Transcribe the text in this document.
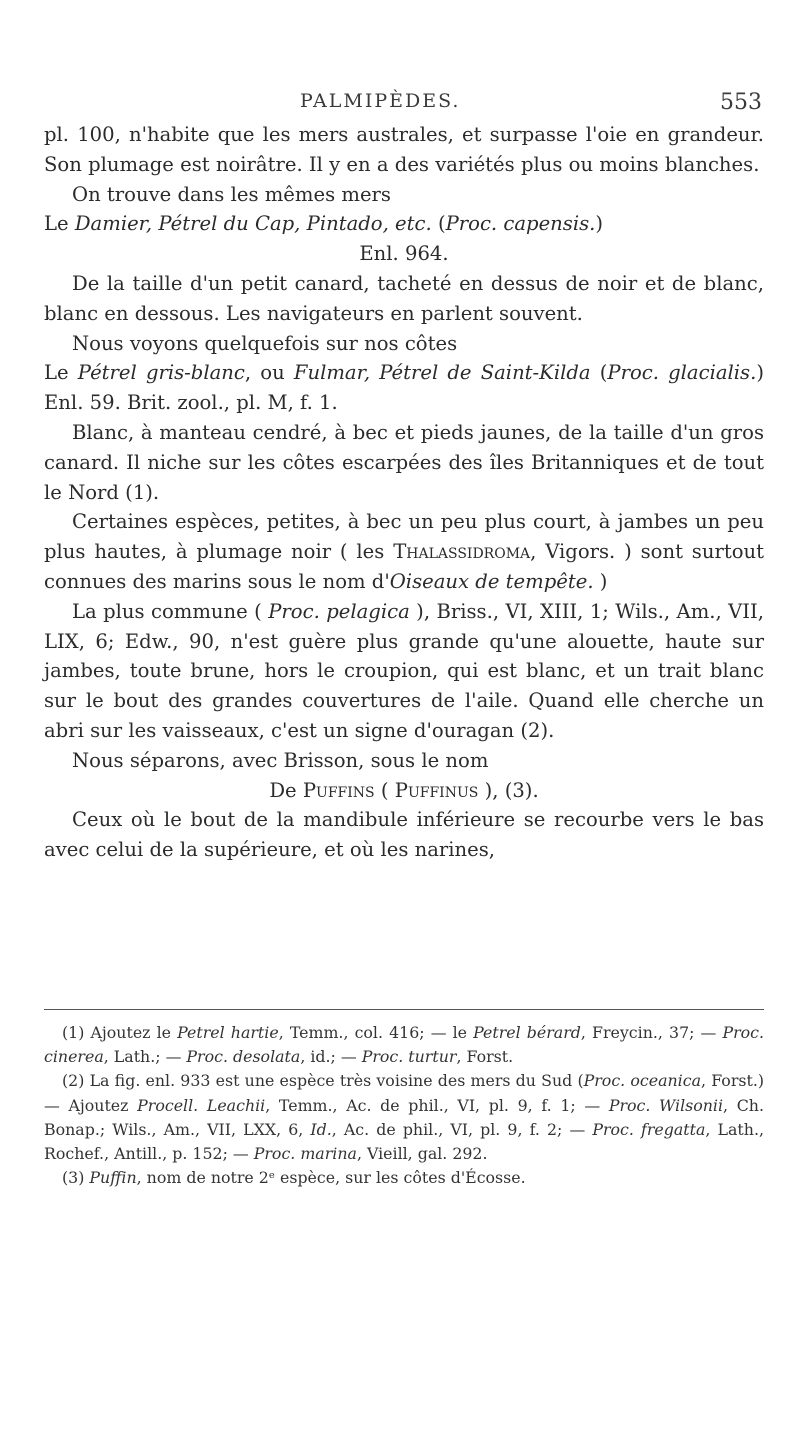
PALMIPÈDES.	553

pl. 100, n'habite que les mers australes, et surpasse l'oie en grandeur. Son plumage est noirâtre. Il y en a des variétés plus ou moins blanches.

On trouve dans les mêmes mers

Le Damier, Pétrel du Cap, Pintado, etc. (Proc. capensis.)

Enl. 964.

De la taille d'un petit canard, tacheté en dessus de noir et de blanc, blanc en dessous. Les navigateurs en parlent souvent.

Nous voyons quelquefois sur nos côtes

Le Pétrel gris-blanc, ou Fulmar, Pétrel de Saint-Kilda (Proc. glacialis.) Enl. 59. Brit. zool., pl. M, f. 1.

Blanc, à manteau cendré, à bec et pieds jaunes, de la taille d'un gros canard. Il niche sur les côtes escarpées des îles Britanniques et de tout le Nord (1).

Certaines espèces, petites, à bec un peu plus court, à jambes un peu plus hautes, à plumage noir ( les Thalassidroma, Vigors. ) sont surtout connues des marins sous le nom d'Oiseaux de tempête. )

La plus commune ( Proc. pelagica ), Briss., VI, XIII, 1; Wils., Am., VII, LIX, 6; Edw., 90, n'est guère plus grande qu'une alouette, haute sur jambes, toute brune, hors le croupion, qui est blanc, et un trait blanc sur le bout des grandes couvertures de l'aile. Quand elle cherche un abri sur les vaisseaux, c'est un signe d'ouragan (2).

Nous séparons, avec Brisson, sous le nom

De Puffins ( Puffinus ), (3).

Ceux où le bout de la mandibule inférieure se recourbe vers le bas avec celui de la supérieure, et où les narines,

(1) Ajoutez le Petrel hartie, Temm., col. 416; — le Petrel bérard, Freycin., 37; — Proc. cinerea, Lath.; — Proc. desolata, id.; — Proc. turtur, Forst.

(2) La fig. enl. 933 est une espèce très voisine des mers du Sud (Proc. oceanica, Forst.) — Ajoutez Procell. Leachii, Temm., Ac. de phil., VI, pl. 9, f. 1; — Proc. Wilsonii, Ch. Bonap.; Wils., Am., VII, LXX, 6, Id., Ac. de phil., VI, pl. 9, f. 2; — Proc. fregatta, Lath., Rochef., Antill., p. 152; — Proc. marina, Vieill, gal. 292.

(3) Puffin, nom de notre 2ᵉ espèce, sur les côtes d'Écosse.
